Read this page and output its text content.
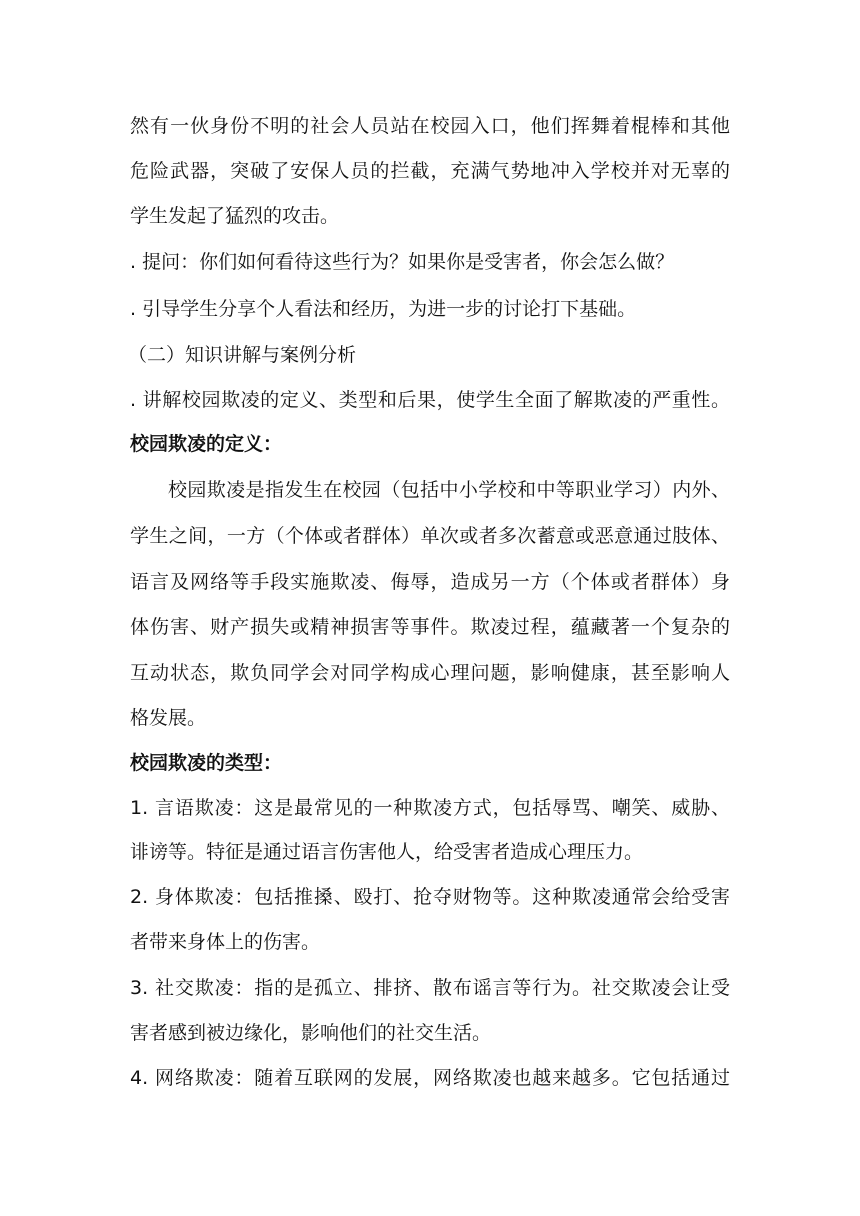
然有一伙身份不明的社会人员站在校园入口，他们挥舞着棍棒和其他
危险武器，突破了安保人员的拦截，充满气势地冲入学校并对无辜的
学生发起了猛烈的攻击。
. 提问：你们如何看待这些行为？如果你是受害者，你会怎么做？
. 引导学生分享个人看法和经历，为进一步的讨论打下基础。
（二）知识讲解与案例分析
. 讲解校园欺凌的定义、类型和后果，使学生全面了解欺凌的严重性。
校园欺凌的定义：
校园欺凌是指发生在校园（包括中小学校和中等职业学习）内外、
学生之间，一方（个体或者群体）单次或者多次蓄意或恶意通过肢体、
语言及网络等手段实施欺凌、侮辱，造成另一方（个体或者群体）身
体伤害、财产损失或精神损害等事件。欺凌过程，蕴藏著一个复杂的
互动状态，欺负同学会对同学构成心理问题，影响健康，甚至影响人
格发展。
校园欺凌的类型：
1. 言语欺凌：这是最常见的一种欺凌方式，包括辱骂、嘲笑、威胁、
诽谤等。特征是通过语言伤害他人，给受害者造成心理压力。
2. 身体欺凌：包括推搡、殴打、抢夺财物等。这种欺凌通常会给受害
者带来身体上的伤害。
3. 社交欺凌：指的是孤立、排挤、散布谣言等行为。社交欺凌会让受
害者感到被边缘化，影响他们的社交生活。
4. 网络欺凌：随着互联网的发展，网络欺凌也越来越多。它包括通过
